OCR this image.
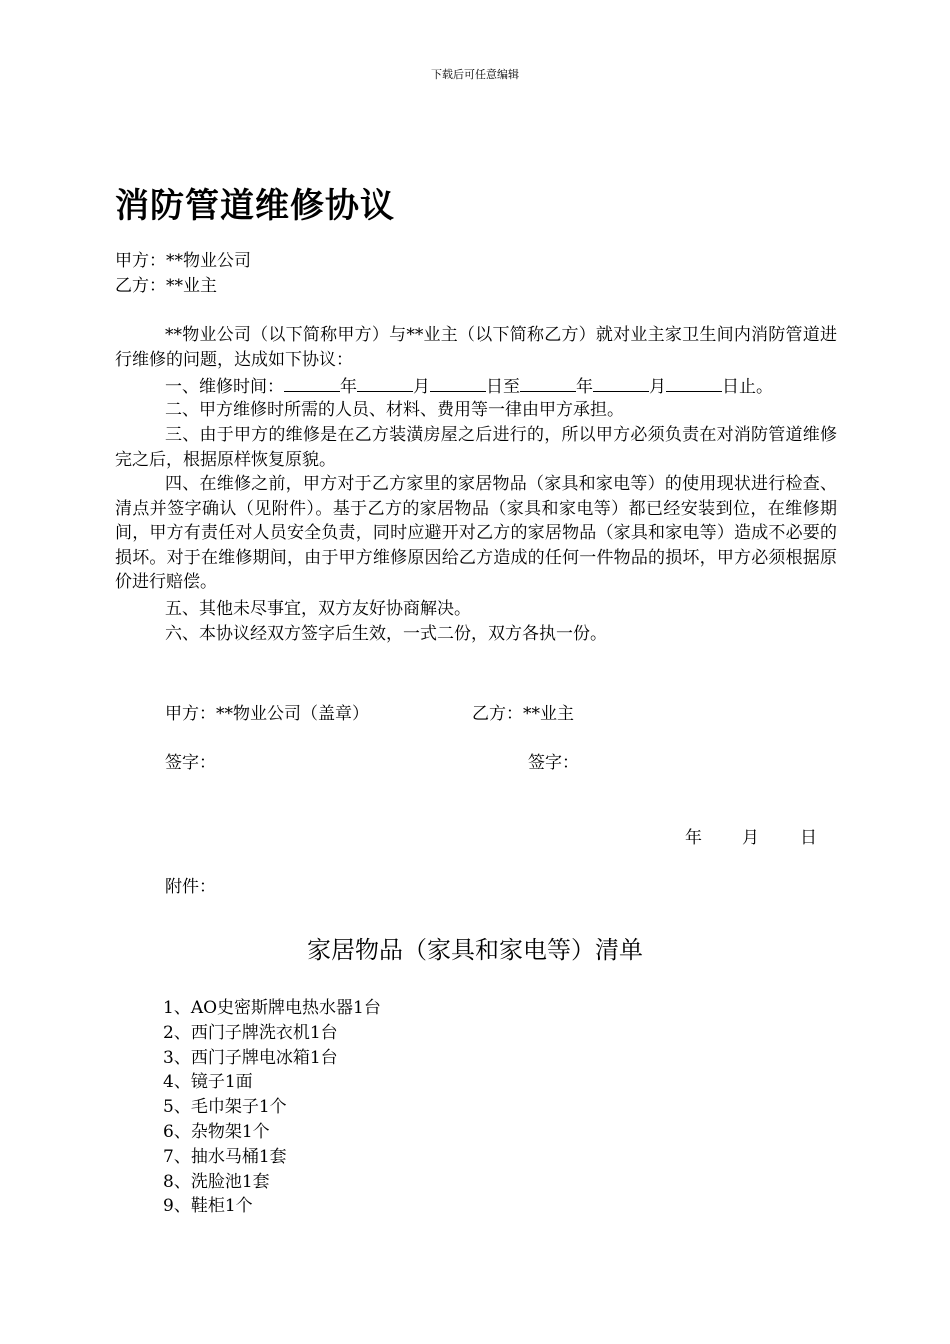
下载后可任意编辑
消防管道维修协议
甲方：**物业公司
乙方：**业主
**物业公司（以下简称甲方）与**业主（以下简称乙方）就对业主家卫生间内消防管道进行维修的问题，达成如下协议：
一、维修时间：	年	月	日至	年	月	日止。
二、甲方维修时所需的人员、材料、费用等一律由甲方承担。
三、由于甲方的维修是在乙方装潢房屋之后进行的，所以甲方必须负责在对消防管道维修完之后，根据原样恢复原貌。
四、在维修之前，甲方对于乙方家里的家居物品（家具和家电等）的使用现状进行检查、清点并签字确认（见附件）。基于乙方的家居物品（家具和家电等）都已经安装到位，在维修期间，甲方有责任对人员安全负责，同时应避开对乙方的家居物品（家具和家电等）造成不必要的损坏。对于在维修期间，由于甲方维修原因给乙方造成的任何一件物品的损坏，甲方必须根据原价进行赔偿。
五、其他未尽事宜，双方友好协商解决。
六、本协议经双方签字后生效，一式二份，双方各执一份。
甲方：**物业公司（盖章）	乙方：**业主
签字：	签字：
年 月 日
附件：
家居物品（家具和家电等）清单
1、AO史密斯牌电热水器1台
2、西门子牌洗衣机1台
3、西门子牌电冰箱1台
4、镜子1面
5、毛巾架子1个
6、杂物架1个
7、抽水马桶1套
8、洗脸池1套
9、鞋柜1个
